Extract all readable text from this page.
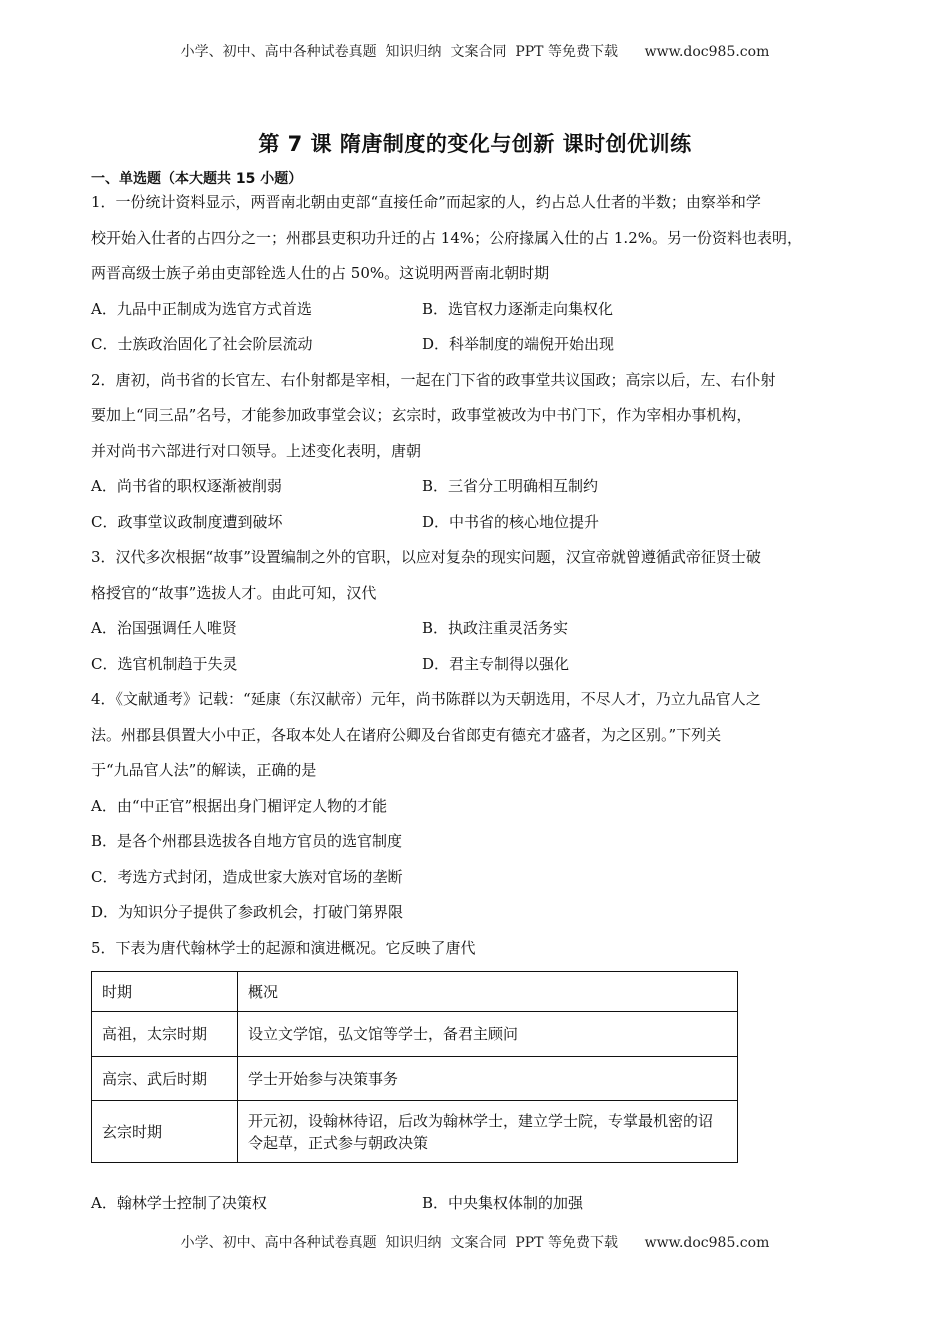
小学、初中、高中各种试卷真题  知识归纳  文案合同  PPT 等免费下载      www.doc985.com
第 7 课 隋唐制度的变化与创新 课时创优训练
一、单选题（本大题共 15 小题）
1．一份统计资料显示，两晋南北朝由吏部“直接任命”而起家的人，约占总人仕者的半数；由察举和学
校开始入仕者的占四分之一；州郡县吏积功升迁的占 14%；公府掾属入仕的占 1.2%。另一份资料也表明，
两晋高级士族子弟由吏部铨选人仕的占 50%。这说明两晋南北朝时期
A．九品中正制成为选官方式首选	B．选官权力逐渐走向集权化
C．士族政治固化了社会阶层流动	D．科举制度的端倪开始出现
2．唐初，尚书省的长官左、右仆射都是宰相，一起在门下省的政事堂共议国政；高宗以后，左、右仆射
要加上“同三品”名号，才能参加政事堂会议；玄宗时，政事堂被改为中书门下，作为宰相办事机构，
并对尚书六部进行对口领导。上述变化表明，唐朝
A．尚书省的职权逐渐被削弱	B．三省分工明确相互制约
C．政事堂议政制度遭到破坏	D．中书省的核心地位提升
3．汉代多次根据“故事”设置编制之外的官职，以应对复杂的现实问题，汉宣帝就曾遵循武帝征贤士破
格授官的“故事”选拔人才。由此可知，汉代
A．治国强调任人唯贤	B．执政注重灵活务实
C．选官机制趋于失灵	D．君主专制得以强化
4．《文献通考》记载：“延康（东汉献帝）元年，尚书陈群以为天朝选用，不尽人才，乃立九品官人之
法。州郡县俱置大小中正，各取本处人在诸府公卿及台省郎吏有德充才盛者，为之区别。”下列关
于“九品官人法”的解读，正确的是
A．由“中正官”根据出身门楣评定人物的才能
B．是各个州郡县选拔各自地方官员的选官制度
C．考选方式封闭，造成世家大族对官场的垄断
D．为知识分子提供了参政机会，打破门第界限
5．下表为唐代翰林学士的起源和演进概况。它反映了唐代
时期	概况
高祖，太宗时期	设立文学馆，弘文馆等学士，备君主顾问
高宗、武后时期	学士开始参与决策事务
玄宗时期	开元初，设翰林待诏，后改为翰林学士，建立学士院，专掌最机密的诏令起草，正式参与朝政决策
A．翰林学士控制了决策权	B．中央集权体制的加强
小学、初中、高中各种试卷真题  知识归纳  文案合同  PPT 等免费下载      www.doc985.com
